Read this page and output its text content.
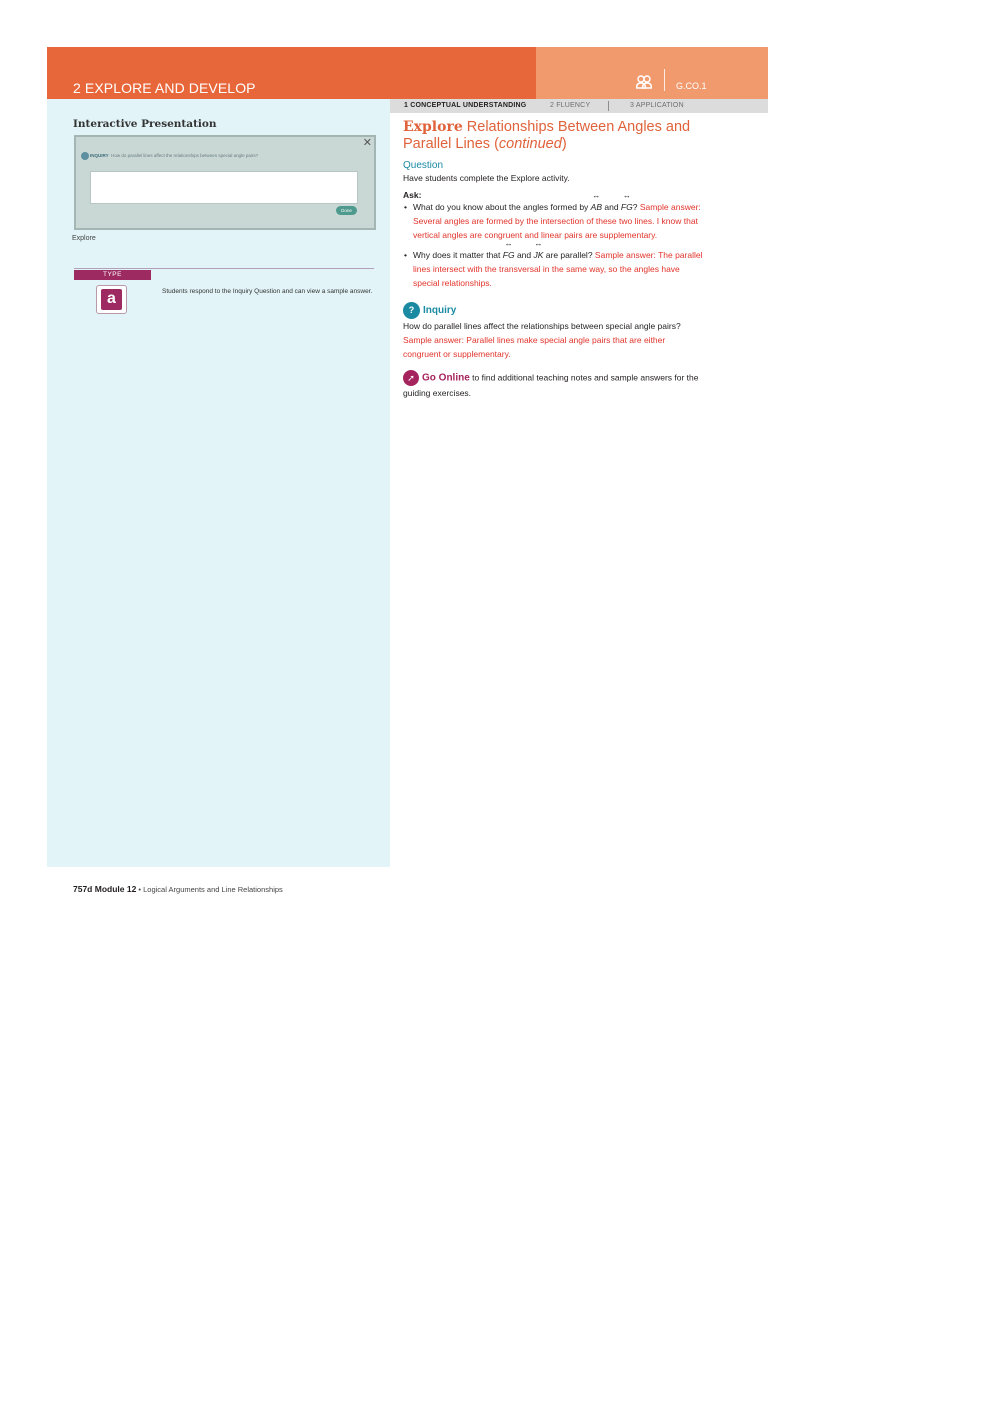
2 EXPLORE AND DEVELOP	G.CO.1
Interactive Presentation
✕
INQUIRY How do parallel lines affect the relationships between special angle pairs?
Done
Explore
TYPE
a	Students respond to the Inquiry Question and can view a sample answer.
1 CONCEPTUAL UNDERSTANDING	2 FLUENCY	3 APPLICATION
Explore Relationships Between Angles and Parallel Lines (continued)
Question
Have students complete the Explore activity.
Ask:
• What do you know about the angles formed by ↔ AB and ↔ FG? Sample answer: Several angles are formed by the intersection of these two lines. I know that vertical angles are congruent and linear pairs are supplementary.
• Why does it matter that ↔ FG and ↔ JK are parallel? Sample answer: The parallel lines intersect with the transversal in the same way, so the angles have special relationships.
? Inquiry
How do parallel lines affect the relationships between special angle pairs? Sample answer: Parallel lines make special angle pairs that are either congruent or supplementary.
➚ Go Online to find additional teaching notes and sample answers for the guiding exercises.
757d Module 12 • Logical Arguments and Line Relationships
